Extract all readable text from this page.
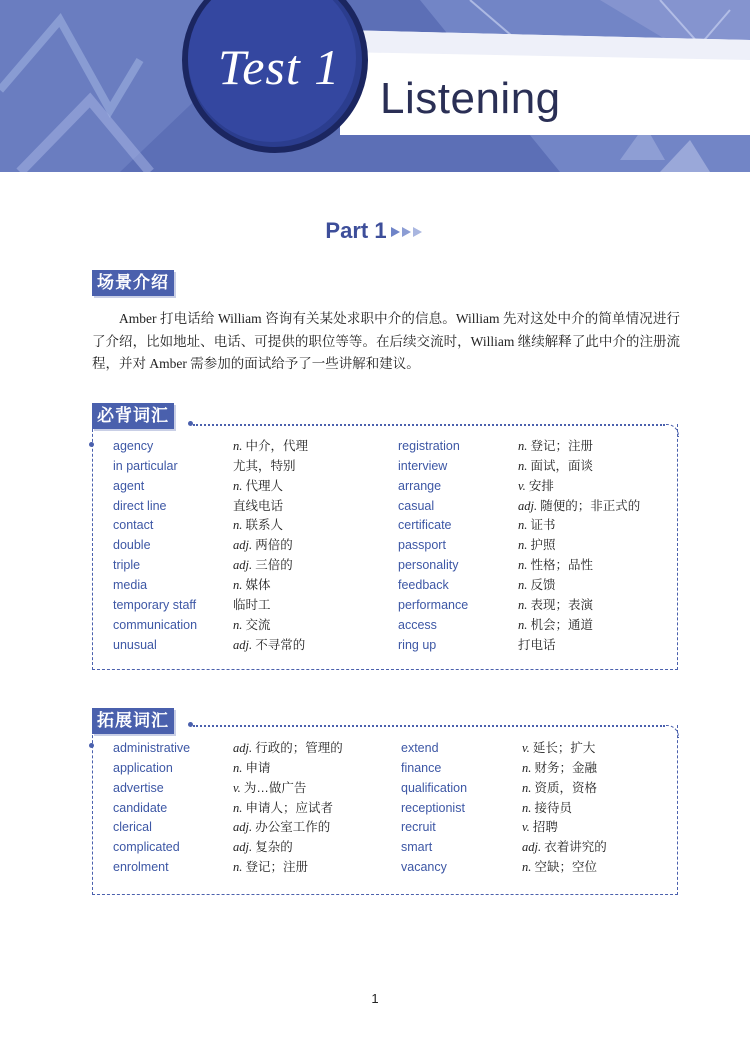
Test 1
Listening
Part 1
场景介绍
Amber 打电话给 William 咨询有关某处求职中介的信息。William 先对这处中介的简单情况进行了介绍，比如地址、电话、可提供的职位等等。在后续交流时，William 继续解释了此中介的注册流程，并对 Amber 需参加的面试给予了一些讲解和建议。
必背词汇
agency	n. 中介，代理	registration	n. 登记；注册
in particular	尤其，特别	interview	n. 面试，面谈
agent	n. 代理人	arrange	v. 安排
direct line	直线电话	casual	adj. 随便的；非正式的
contact	n. 联系人	certificate	n. 证书
double	adj. 两倍的	passport	n. 护照
triple	adj. 三倍的	personality	n. 性格；品性
media	n. 媒体	feedback	n. 反馈
temporary staff	临时工	performance	n. 表现；表演
communication	n. 交流	access	n. 机会；通道
unusual	adj. 不寻常的	ring up	打电话
拓展词汇
administrative	adj. 行政的；管理的	extend	v. 延长；扩大
application	n. 申请	finance	n. 财务；金融
advertise	v. 为…做广告	qualification	n. 资质，资格
candidate	n. 申请人；应试者	receptionist	n. 接待员
clerical	adj. 办公室工作的	recruit	v. 招聘
complicated	adj. 复杂的	smart	adj. 衣着讲究的
enrolment	n. 登记；注册	vacancy	n. 空缺；空位
1
